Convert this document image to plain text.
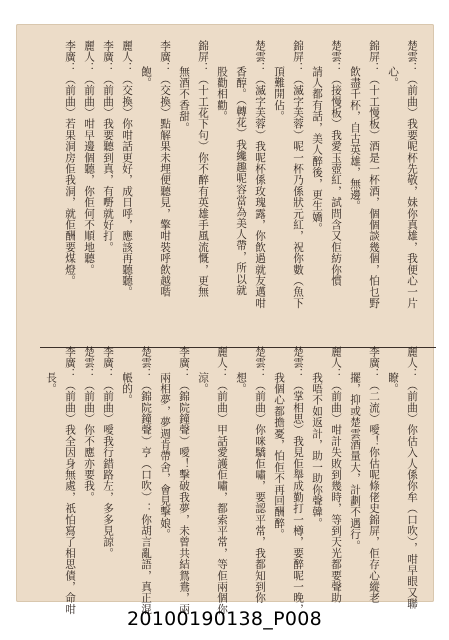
楚雲：（前曲）我要呢杯先敬，妹你真雄，我便心一片
心。
錦屏：（十工慢板）酒是一杯酒，個個談幾個，怕乜野
飲盡千杯，自古英雄，無邊。
楚雲：（接慢板）我愛玉壺紅，試問含又佢紡你慣
請人都有話，美人醉後，更生嬌。
錦屏：（滅字芙蓉）呢一杯乃係狀元紅，祝你數（魚下
頂難開佔。
楚雲：（滅字芙蓉）我呢杯係玫瑰露，你飲過就友邁咁
香醇。（轉花）我纔趣呢容當為美人帶，所以就
股勸相勸。
錦屏：（十工花下句）你不醉有英雄手風流慨，更無
無酒不香甜。
李廣：（交換）點解果未埋便聽見，擎咁裝呼飲越喈
飽。
麗人：（交換）你咁話更好，成日呼，應該再聽聽。
李廣：（前曲）我要聽到真，有嘢就好打。
麗人：（前曲）咁早邊個聽，你佢何不順地聽。
李廣：（前曲）若果洞房佢我洞，就佢酬要煤燈。
麗人：（前曲）你估入人係你牟（口吹），咁早眼又聯
瞭。
李廣：（二流）噯！你估呢條佬史錦屏，佢存心縱老
擺，抑或楚雲酒量大，計劃不遇行。
麗人：（前曲）咁計失敗到幾時，等到天光都要聲助
我唔不如返計，助一助你聲韓。
楚雲：（掌相思）我見佢舉成勤打一樽，要醉呢一晚，
我個心都擔憂，怕佢不再回酬醉。
楚雲：（前曲）你咪驕佢嘯，要認平常，我都知到你
想。
麗人：（前曲）甲話愛護佢嘯，都索平常，等佢兩個你
涼。
李廣：（錦院鐘聲）噯！擊破我夢，未曾共結鴛鴦，兩
兩相夢，夢週肯帶舍，會見擊娘。
楚雲：（錦院鐘聲）亨（口吹）：你胡言亂語，真正混
帳的。
李廣：（前曲）噯我行錯路左，多多見諒。
楚雲：（前曲）你不應亦要我。
李廣：（前曲）我全因身無處，祇怕寫了相思債，命咁
長。
20100190138_P008
